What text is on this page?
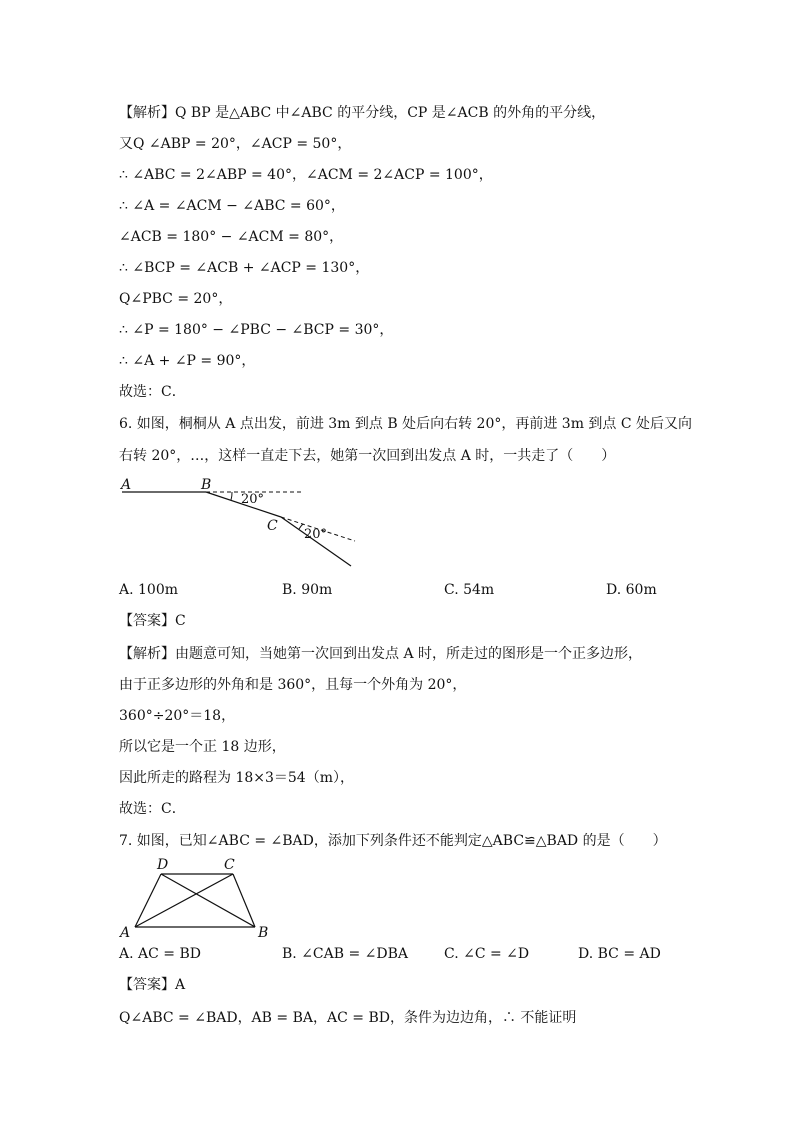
【解析】Q BP 是△ABC 中∠ABC 的平分线，CP 是∠ACB 的外角的平分线，
又Q ∠ABP = 20°，∠ACP = 50°，
∴ ∠ABC = 2∠ABP = 40°，∠ACM = 2∠ACP = 100°，
∴ ∠A = ∠ACM − ∠ABC = 60°，
∠ACB = 180° − ∠ACM = 80°，
∴ ∠BCP = ∠ACB + ∠ACP = 130°，
Q∠PBC = 20°，
∴ ∠P = 180° − ∠PBC − ∠BCP = 30°，
∴ ∠A + ∠P = 90°，
故选：C．
6. 如图，桐桐从 A 点出发，前进 3m 到点 B 处后向右转 20°，再前进 3m 到点 C 处后又向
右转 20°，…，这样一直走下去，她第一次回到出发点 A 时，一共走了（　　）
A	B
C
20°
20°
A. 100m	B. 90m	C. 54m	D. 60m
【答案】C
【解析】由题意可知，当她第一次回到出发点 A 时，所走过的图形是一个正多边形，
由于正多边形的外角和是 360°，且每一个外角为 20°，
360°÷20°＝18，
所以它是一个正 18 边形，
因此所走的路程为 18×3＝54（m），
故选：C．
7. 如图，已知∠ABC = ∠BAD，添加下列条件还不能判定△ABC≌△BAD 的是（　　）
A	B
C
D
A. AC = BD	B. ∠CAB = ∠DBA	C. ∠C = ∠D	D. BC = AD
【答案】A
Q∠ABC = ∠BAD，AB = BA，AC = BD，条件为边边角，∴ 不能证明
